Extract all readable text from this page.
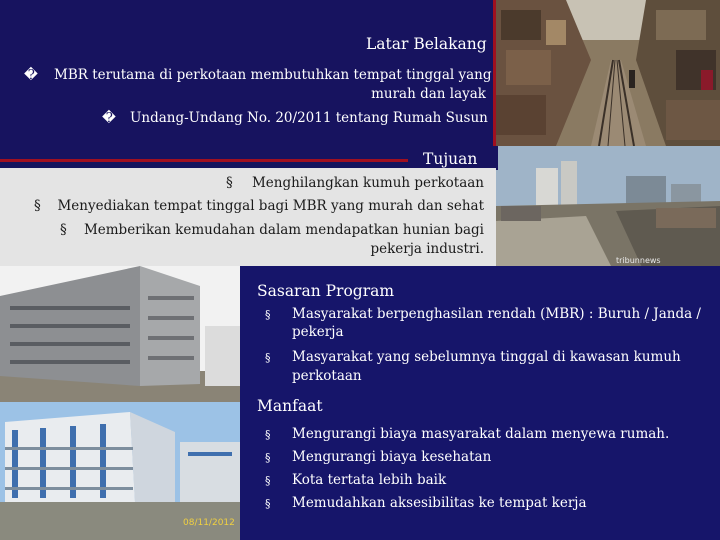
tribunnews
08/11/2012
Latar Belakang
� MBR terutama di perkotaan membutuhkan tempat tinggal yang
murah dan layak
� Undang-Undang No. 20/2011 tentang Rumah Susun
Tujuan
§	Menghilangkan kumuh perkotaan
§	Menyediakan tempat tinggal bagi MBR yang murah dan sehat
§ Memberikan kemudahan dalam mendapatkan hunian bagi
pekerja industri.
Sasaran Program
§ Masyarakat berpenghasilan rendah (MBR) : Buruh / Janda /
pekerja
§ Masyarakat yang sebelumnya tinggal di kawasan kumuh
perkotaan
Manfaat
§ Mengurangi biaya masyarakat dalam menyewa rumah.
§ Mengurangi biaya kesehatan
§ Kota tertata lebih baik
§ Memudahkan aksesibilitas ke tempat kerja
